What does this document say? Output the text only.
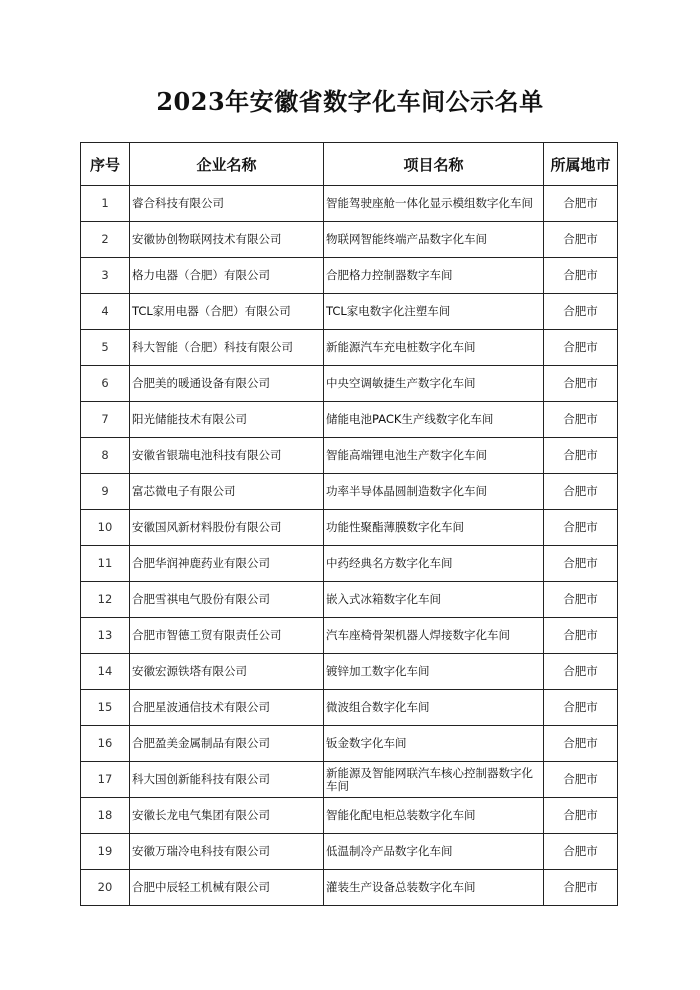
2023年安徽省数字化车间公示名单
序号	企业名称	项目名称	所属地市
1	睿合科技有限公司	智能驾驶座舱一体化显示模组数字化车间	合肥市
2	安徽协创物联网技术有限公司	物联网智能终端产品数字化车间	合肥市
3	格力电器（合肥）有限公司	合肥格力控制器数字车间	合肥市
4	TCL家用电器（合肥）有限公司	TCL家电数字化注塑车间	合肥市
5	科大智能（合肥）科技有限公司	新能源汽车充电桩数字化车间	合肥市
6	合肥美的暖通设备有限公司	中央空调敏捷生产数字化车间	合肥市
7	阳光储能技术有限公司	储能电池PACK生产线数字化车间	合肥市
8	安徽省银瑞电池科技有限公司	智能高端锂电池生产数字化车间	合肥市
9	富芯微电子有限公司	功率半导体晶圆制造数字化车间	合肥市
10	安徽国风新材料股份有限公司	功能性聚酯薄膜数字化车间	合肥市
11	合肥华润神鹿药业有限公司	中药经典名方数字化车间	合肥市
12	合肥雪祺电气股份有限公司	嵌入式冰箱数字化车间	合肥市
13	合肥市智德工贸有限责任公司	汽车座椅骨架机器人焊接数字化车间	合肥市
14	安徽宏源铁塔有限公司	镀锌加工数字化车间	合肥市
15	合肥星波通信技术有限公司	微波组合数字化车间	合肥市
16	合肥盈美金属制品有限公司	钣金数字化车间	合肥市
17	科大国创新能科技有限公司	新能源及智能网联汽车核心控制器数字化车间	合肥市
18	安徽长龙电气集团有限公司	智能化配电柜总装数字化车间	合肥市
19	安徽万瑞冷电科技有限公司	低温制冷产品数字化车间	合肥市
20	合肥中辰轻工机械有限公司	灌装生产设备总装数字化车间	合肥市
